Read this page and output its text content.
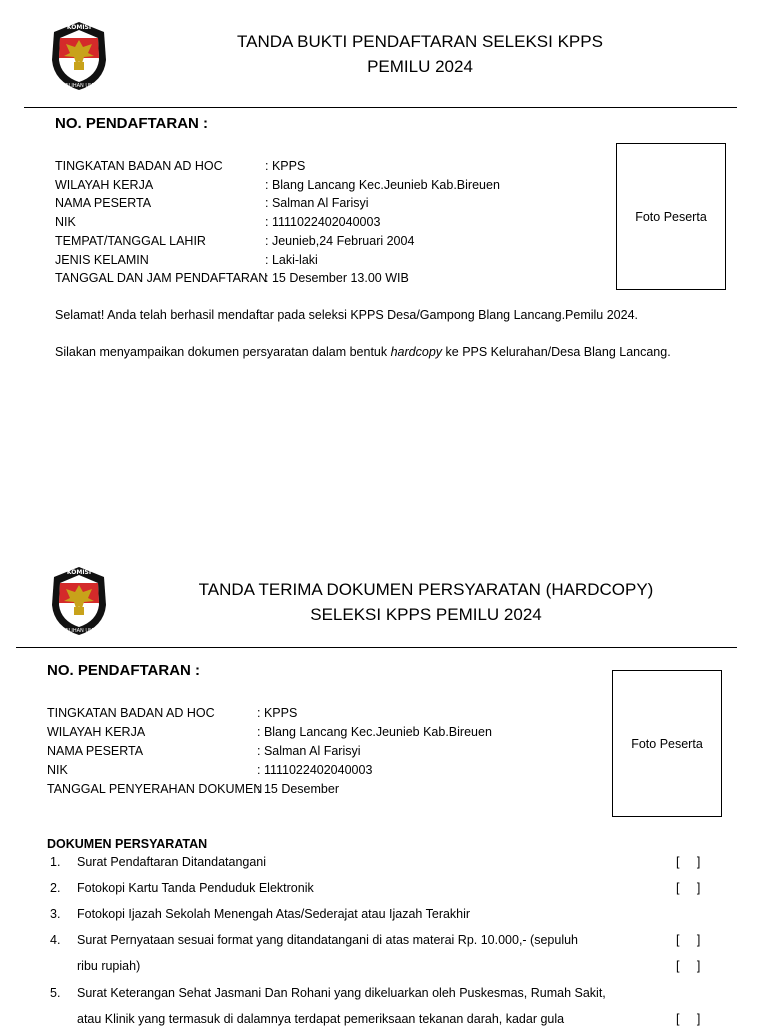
KOMISI
PEMILIHAN UMUM
TANDA BUKTI PENDAFTARAN SELEKSI KPPS
PEMILU 2024
NO. PENDAFTARAN :
TINGKATAN BADAN AD HOC	: KPPS
WILAYAH KERJA	: Blang Lancang Kec.Jeunieb Kab.Bireuen
NAMA PESERTA	: Salman Al Farisyi
NIK	: 1111022402040003
TEMPAT/TANGGAL LAHIR	: Jeunieb,24 Februari 2004
JENIS KELAMIN	: Laki-laki
TANGGAL DAN JAM PENDAFTARAN: 15 Desember 13.00 WIB
Foto Peserta
Selamat! Anda telah berhasil mendaftar pada seleksi KPPS Desa/Gampong Blang Lancang.Pemilu 2024.
Silakan menyampaikan dokumen persyaratan dalam bentuk hardcopy ke PPS Kelurahan/Desa Blang Lancang.
KOMISI
PEMILIHAN UMUM
TANDA TERIMA DOKUMEN PERSYARATAN (HARDCOPY)
SELEKSI KPPS PEMILU 2024
NO. PENDAFTARAN :
TINGKATAN BADAN AD HOC	: KPPS
WILAYAH KERJA	: Blang Lancang Kec.Jeunieb Kab.Bireuen
NAMA PESERTA	: Salman Al Farisyi
NIK	: 1111022402040003
TANGGAL PENYERAHAN DOKUMEN: 15 Desember
Foto Peserta
DOKUMEN PERSYARATAN
1. Surat Pendaftaran Ditandatangani	[     ]
2. Fotokopi Kartu Tanda Penduduk Elektronik	[     ]
3. Fotokopi Ijazah Sekolah Menengah Atas/Sederajat atau Ijazah Terakhir
4. Surat Pernyataan sesuai format yang ditandatangani di atas materai Rp. 10.000,- (sepuluh	[     ]
ribu rupiah)	[     ]
5. Surat Keterangan Sehat Jasmani Dan Rohani yang dikeluarkan oleh Puskesmas, Rumah Sakit,
atau Klinik yang termasuk di dalamnya terdapat pemeriksaan tekanan darah, kadar gula	[     ]
